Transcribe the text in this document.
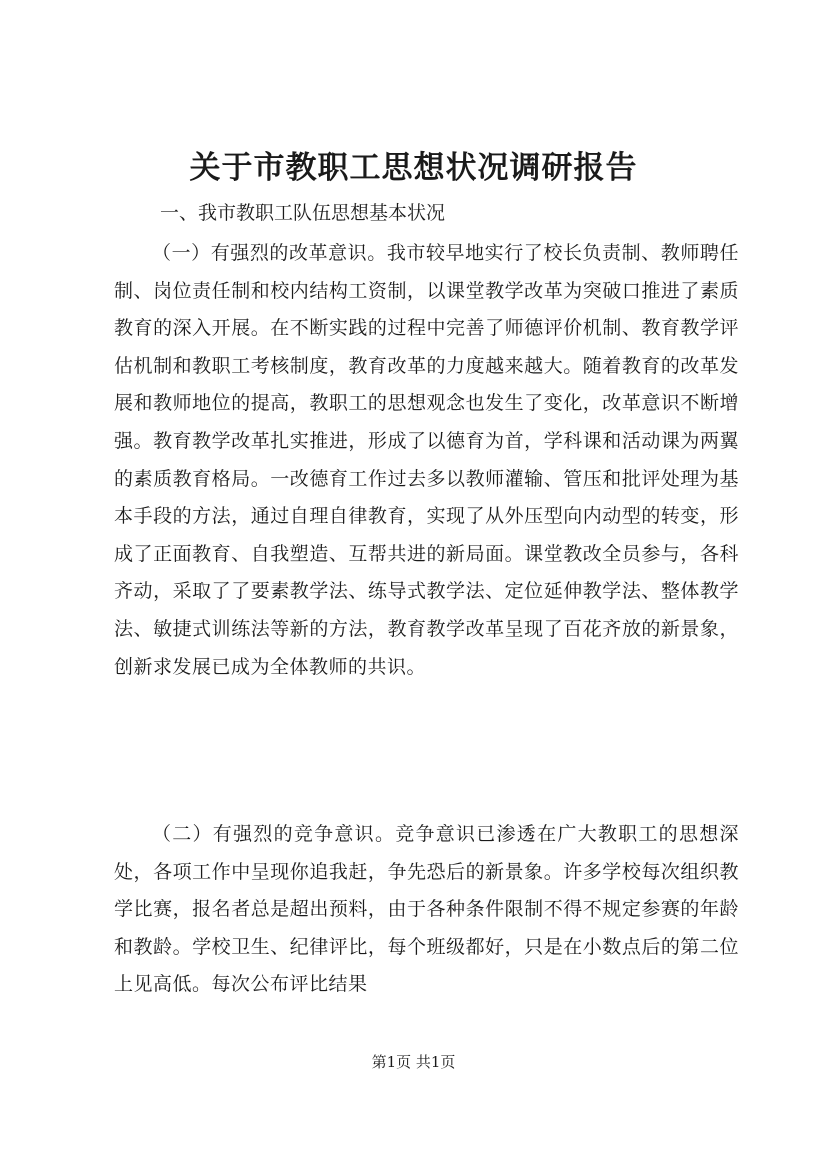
关于市教职工思想状况调研报告
一、我市教职工队伍思想基本状况

（一）有强烈的改革意识。我市较早地实行了校长负责制、教师聘任制、岗位责任制和校内结构工资制，以课堂教学改革为突破口推进了素质教育的深入开展。在不断实践的过程中完善了师德评价机制、教育教学评估机制和教职工考核制度，教育改革的力度越来越大。随着教育的改革发展和教师地位的提高，教职工的思想观念也发生了变化，改革意识不断增强。教育教学改革扎实推进，形成了以德育为首，学科课和活动课为两翼的素质教育格局。一改德育工作过去多以教师灌输、管压和批评处理为基本手段的方法，通过自理自律教育，实现了从外压型向内动型的转变，形成了正面教育、自我塑造、互帮共进的新局面。课堂教改全员参与，各科齐动，采取了了要素教学法、练导式教学法、定位延伸教学法、整体教学法、敏捷式训练法等新的方法，教育教学改革呈现了百花齐放的新景象，创新求发展已成为全体教师的共识。

（二）有强烈的竞争意识。竞争意识已渗透在广大教职工的思想深处，各项工作中呈现你追我赶，争先恐后的新景象。许多学校每次组织教学比赛，报名者总是超出预料，由于各种条件限制不得不规定参赛的年龄和教龄。学校卫生、纪律评比，每个班级都好，只是在小数点后的第二位上见高低。每次公布评比结果

第1页 共1页
